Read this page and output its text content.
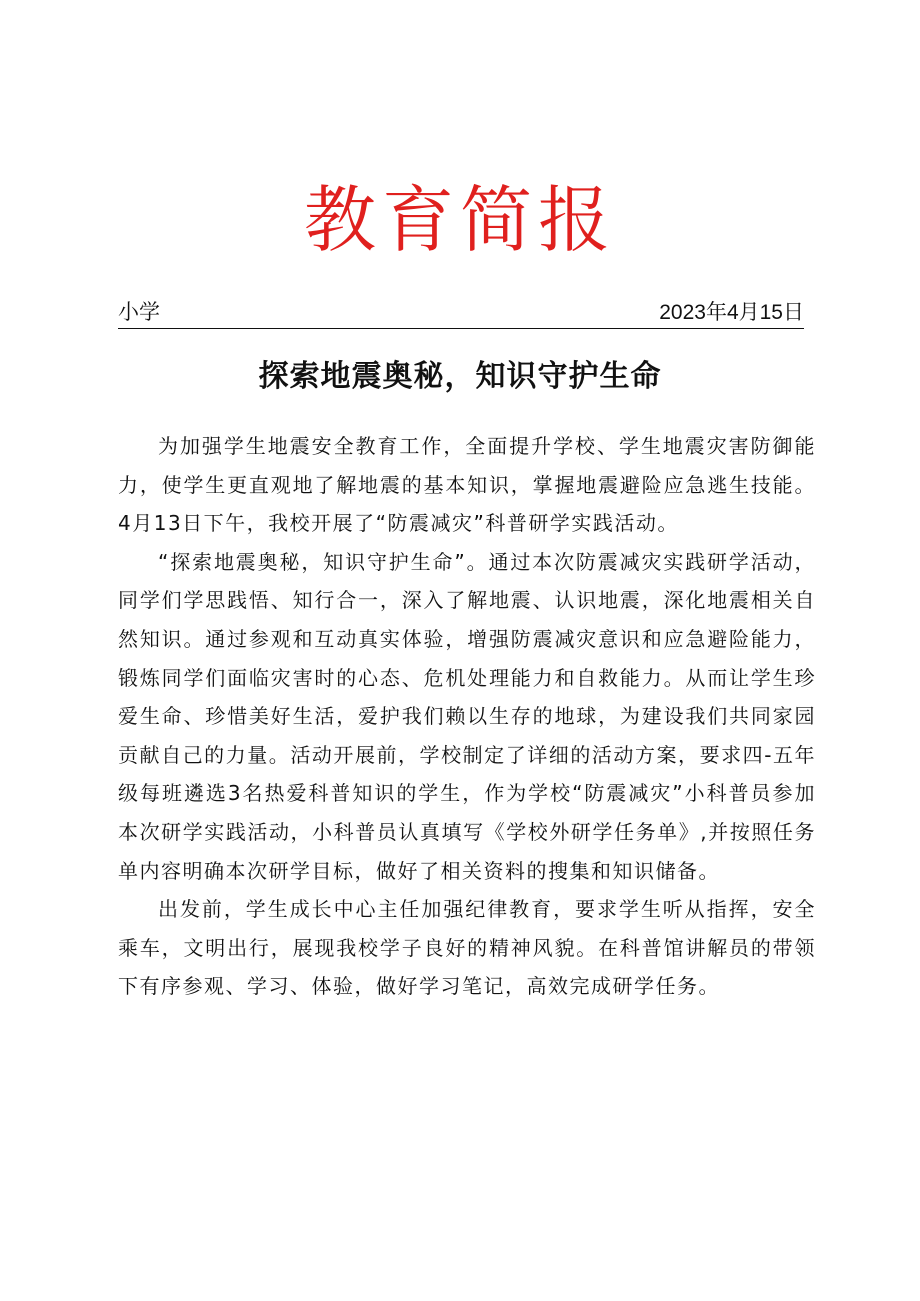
教育简报
小学	2023年4月15日
探索地震奥秘，知识守护生命

为加强学生地震安全教育工作，全面提升学校、学生地震灾害防御能力，使学生更直观地了解地震的基本知识，掌握地震避险应急逃生技能。4月13日下午，我校开展了“防震减灾”科普研学实践活动。

“探索地震奥秘，知识守护生命”。通过本次防震减灾实践研学活动，同学们学思践悟、知行合一，深入了解地震、认识地震，深化地震相关自然知识。通过参观和互动真实体验，增强防震减灾意识和应急避险能力，锻炼同学们面临灾害时的心态、危机处理能力和自救能力。从而让学生珍爱生命、珍惜美好生活，爱护我们赖以生存的地球，为建设我们共同家园贡献自己的力量。活动开展前，学校制定了详细的活动方案，要求四-五年级每班遴选3名热爱科普知识的学生，作为学校“防震减灾”小科普员参加本次研学实践活动，小科普员认真填写《学校外研学任务单》,并按照任务单内容明确本次研学目标，做好了相关资料的搜集和知识储备。

出发前，学生成长中心主任加强纪律教育，要求学生听从指挥，安全乘车，文明出行，展现我校学子良好的精神风貌。在科普馆讲解员的带领下有序参观、学习、体验，做好学习笔记，高效完成研学任务。
